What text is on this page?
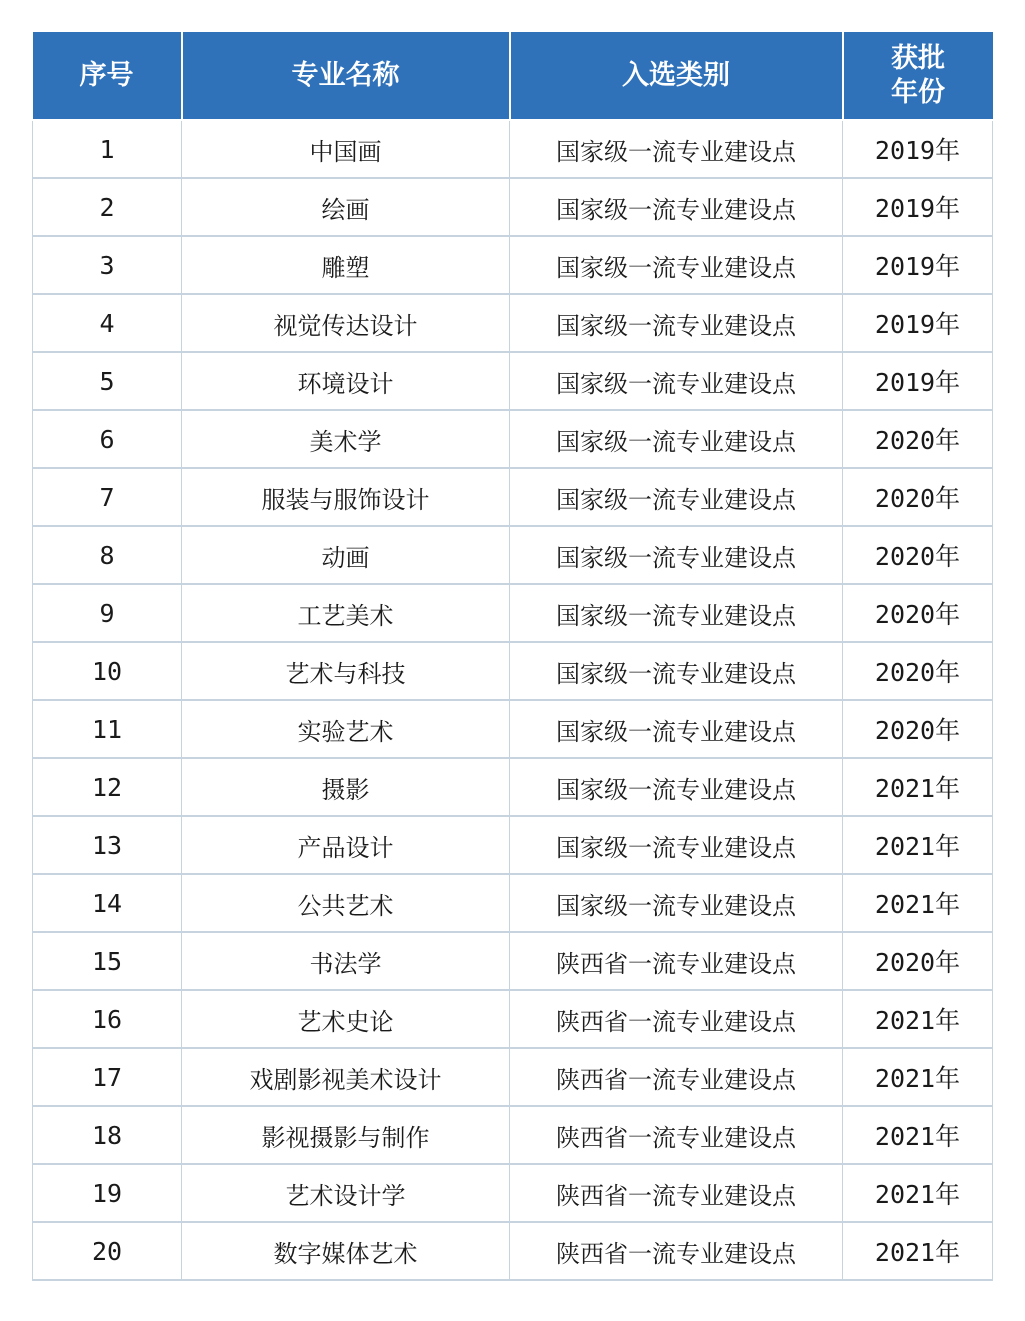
序号	专业名称	入选类别	获批
年份

1	中国画	国家级一流专业建设点	2019年
2	绘画	国家级一流专业建设点	2019年
3	雕塑	国家级一流专业建设点	2019年
4	视觉传达设计	国家级一流专业建设点	2019年
5	环境设计	国家级一流专业建设点	2019年
6	美术学	国家级一流专业建设点	2020年
7	服装与服饰设计	国家级一流专业建设点	2020年
8	动画	国家级一流专业建设点	2020年
9	工艺美术	国家级一流专业建设点	2020年
10	艺术与科技	国家级一流专业建设点	2020年
11	实验艺术	国家级一流专业建设点	2020年
12	摄影	国家级一流专业建设点	2021年
13	产品设计	国家级一流专业建设点	2021年
14	公共艺术	国家级一流专业建设点	2021年
15	书法学	陕西省一流专业建设点	2020年
16	艺术史论	陕西省一流专业建设点	2021年
17	戏剧影视美术设计	陕西省一流专业建设点	2021年
18	影视摄影与制作	陕西省一流专业建设点	2021年
19	艺术设计学	陕西省一流专业建设点	2021年
20	数字媒体艺术	陕西省一流专业建设点	2021年
